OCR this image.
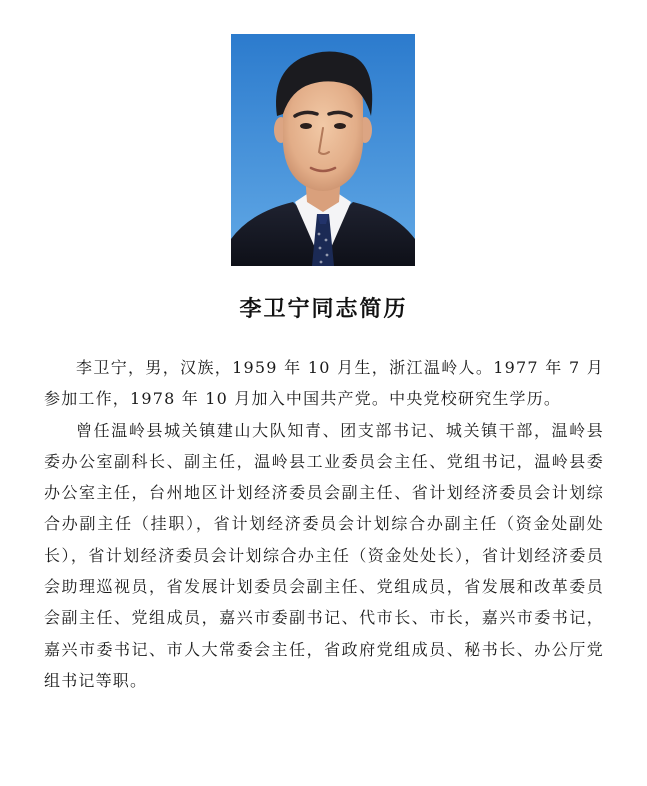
李卫宁同志简历

李卫宁，男，汉族，1959 年 10 月生，浙江温岭人。1977 年 7 月参加工作，1978 年 10 月加入中国共产党。中央党校研究生学历。

曾任温岭县城关镇建山大队知青、团支部书记、城关镇干部，温岭县委办公室副科长、副主任，温岭县工业委员会主任、党组书记，温岭县委办公室主任，台州地区计划经济委员会副主任、省计划经济委员会计划综合办副主任（挂职），省计划经济委员会计划综合办副主任（资金处副处长），省计划经济委员会计划综合办主任（资金处处长），省计划经济委员会助理巡视员，省发展计划委员会副主任、党组成员，省发展和改革委员会副主任、党组成员，嘉兴市委副书记、代市长、市长，嘉兴市委书记，嘉兴市委书记、市人大常委会主任，省政府党组成员、秘书长、办公厅党组书记等职。
